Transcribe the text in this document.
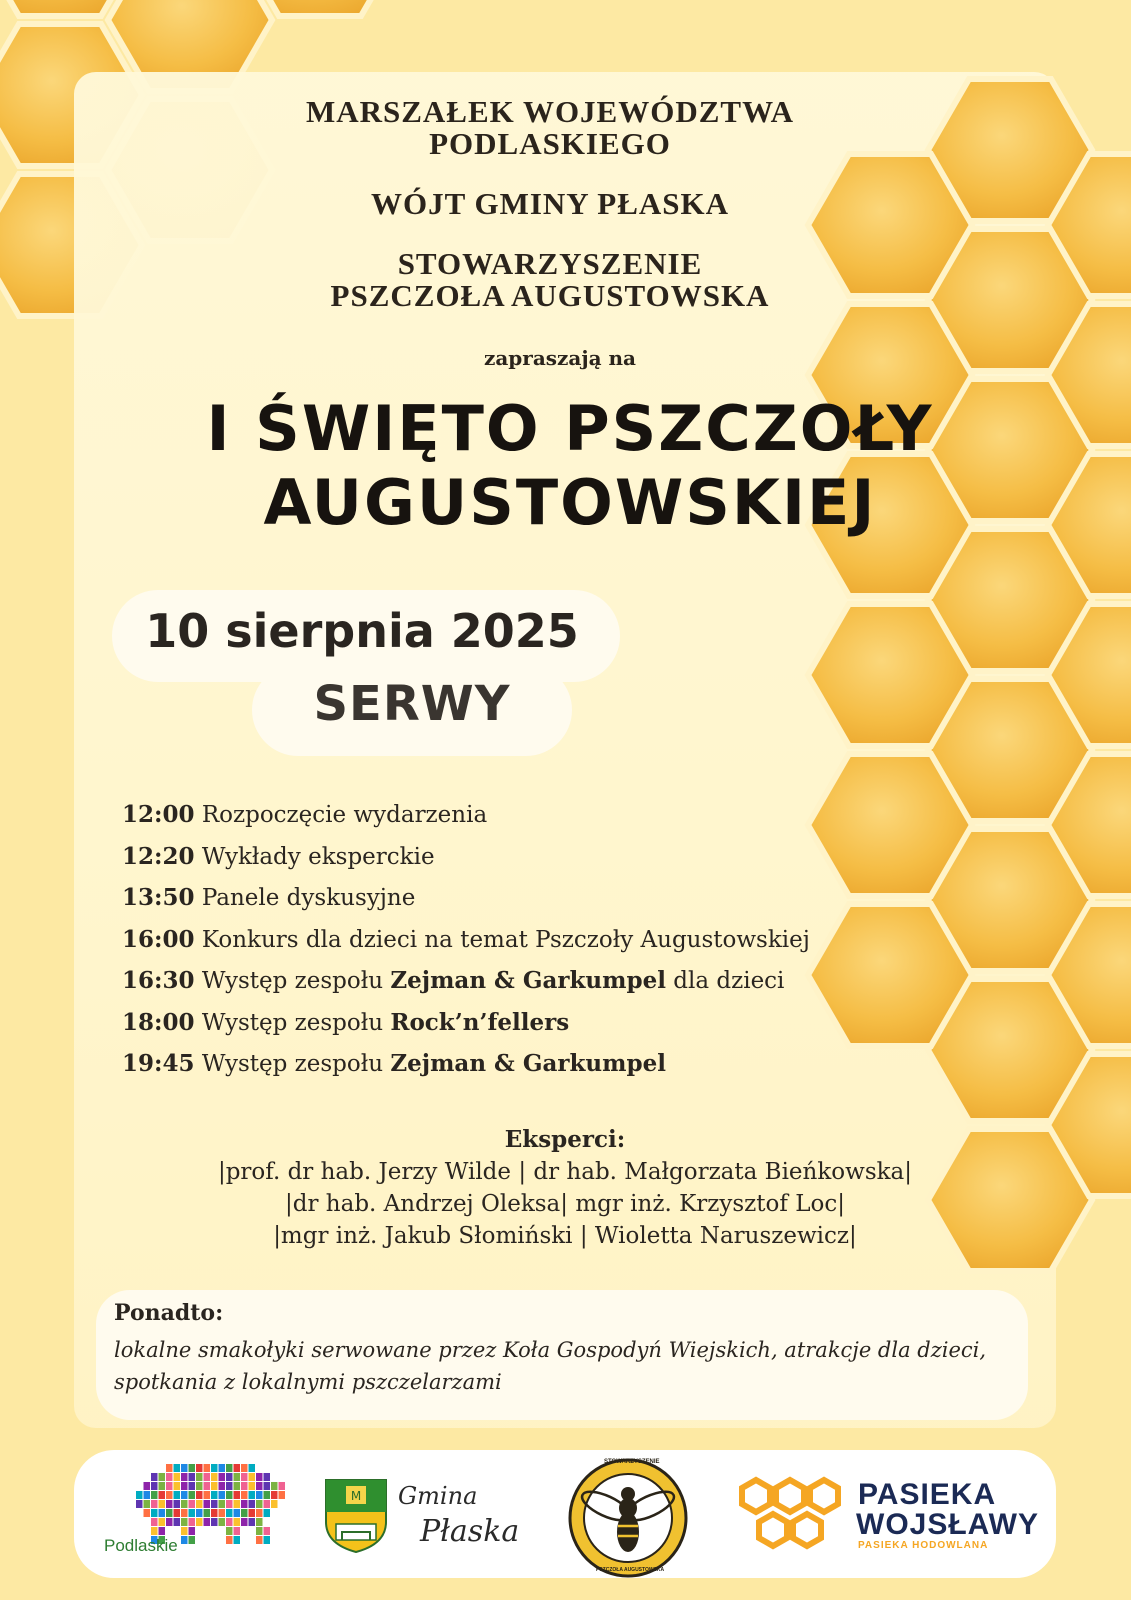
MARSZAŁEK WOJEWÓDZTWA PODLASKIEGO
WÓJT GMINY PŁASKA
STOWARZYSZENIE PSZCZOŁA AUGUSTOWSKA
zapraszają na
I ŚWIĘTO PSZCZOŁY
AUGUSTOWSKIEJ
10 sierpnia 2025
SERWY
12:00 Rozpoczęcie wydarzenia
12:20 Wykłady eksperckie
13:50 Panele dyskusyjne
16:00 Konkurs dla dzieci na temat Pszczoły Augustowskiej
16:30 Występ zespołu Zejman & Garkumpel dla dzieci
18:00 Występ zespołu Rock’n’fellers
19:45 Występ zespołu Zejman & Garkumpel
Eksperci:
|prof. dr hab. Jerzy Wilde | dr hab. Małgorzata Bieńkowska|
|dr hab. Andrzej Oleksa| mgr inż. Krzysztof Loc|
|mgr inż. Jakub Słomiński | Wioletta Naruszewicz|
Ponadto:
lokalne smakołyki serwowane przez Koła Gospodyń Wiejskich, atrakcje dla dzieci, spotkania z lokalnymi pszczelarzami
Podlaskie
M Gmina
Płaska
STOWARZYSZENIE
PSZCZOŁA AUGUSTOWSKA
PASIEKA
WOJSŁAWY
PASIEKA HODOWLANA
